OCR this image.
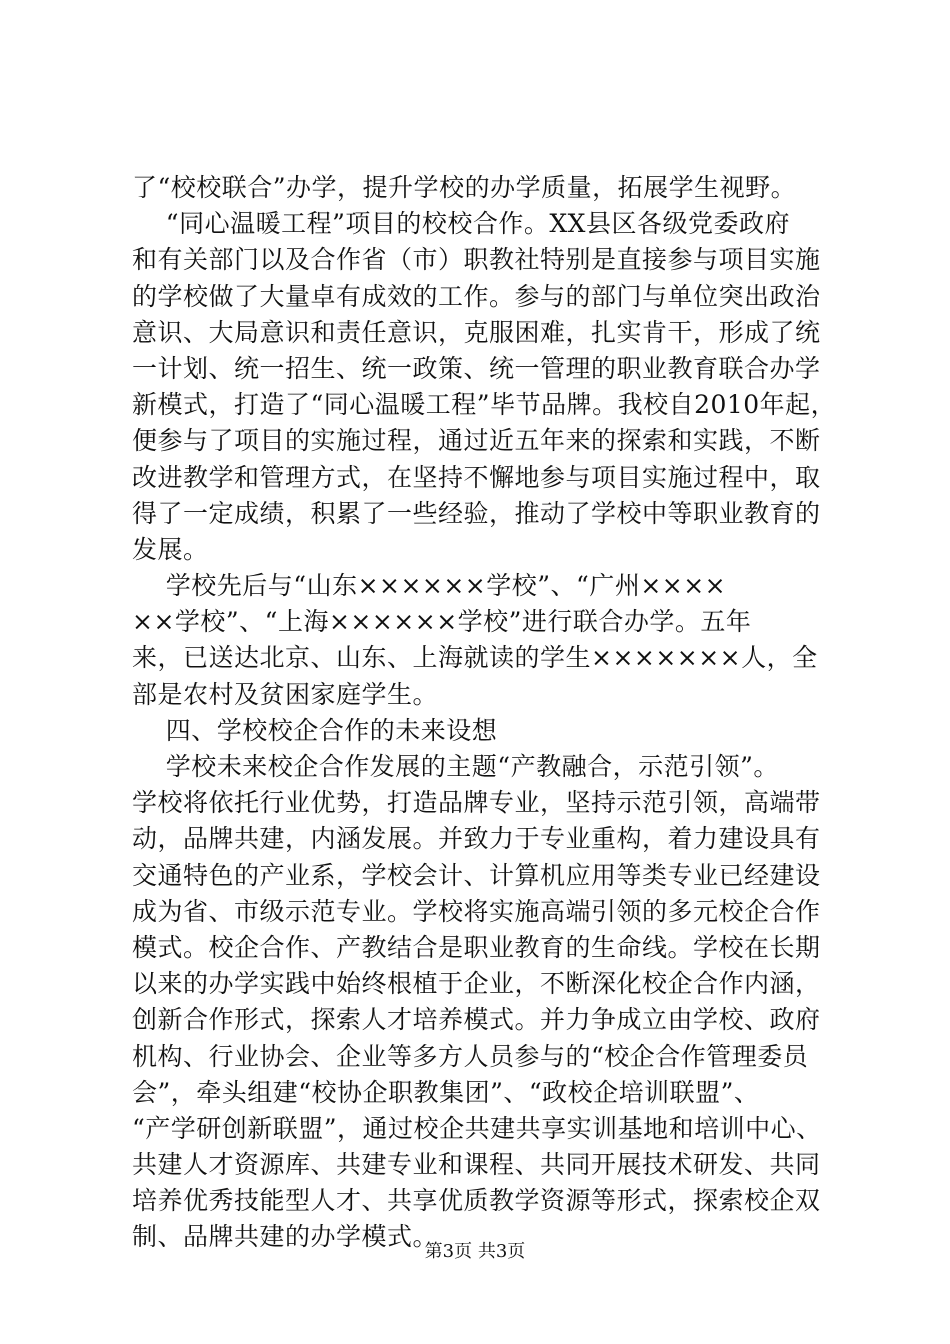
了“校校联合”办学，提升学校的办学质量，拓展学生视野。
“同心温暖工程”项目的校校合作。XX县区各级党委政府
和有关部门以及合作省（市）职教社特别是直接参与项目实施
的学校做了大量卓有成效的工作。参与的部门与单位突出政治
意识、大局意识和责任意识，克服困难，扎实肯干，形成了统
一计划、统一招生、统一政策、统一管理的职业教育联合办学
新模式，打造了“同心温暖工程”毕节品牌。我校自2010年起，
便参与了项目的实施过程，通过近五年来的探索和实践，不断
改进教学和管理方式，在坚持不懈地参与项目实施过程中，取
得了一定成绩，积累了一些经验，推动了学校中等职业教育的
发展。
学校先后与“山东××××××学校”、“广州××××
××学校”、“上海××××××学校”进行联合办学。五年
来，已送达北京、山东、上海就读的学生×××××××人，全
部是农村及贫困家庭学生。
四、学校校企合作的未来设想
学校未来校企合作发展的主题“产教融合，示范引领”。
学校将依托行业优势，打造品牌专业，坚持示范引领，高端带
动，品牌共建，内涵发展。并致力于专业重构，着力建设具有
交通特色的产业系，学校会计、计算机应用等类专业已经建设
成为省、市级示范专业。学校将实施高端引领的多元校企合作
模式。校企合作、产教结合是职业教育的生命线。学校在长期
以来的办学实践中始终根植于企业，不断深化校企合作内涵，
创新合作形式，探索人才培养模式。并力争成立由学校、政府
机构、行业协会、企业等多方人员参与的“校企合作管理委员
会”，牵头组建“校协企职教集团”、“政校企培训联盟”、
“产学研创新联盟”，通过校企共建共享实训基地和培训中心、
共建人才资源库、共建专业和课程、共同开展技术研发、共同
培养优秀技能型人才、共享优质教学资源等形式，探索校企双
制、品牌共建的办学模式。
第3页 共3页
